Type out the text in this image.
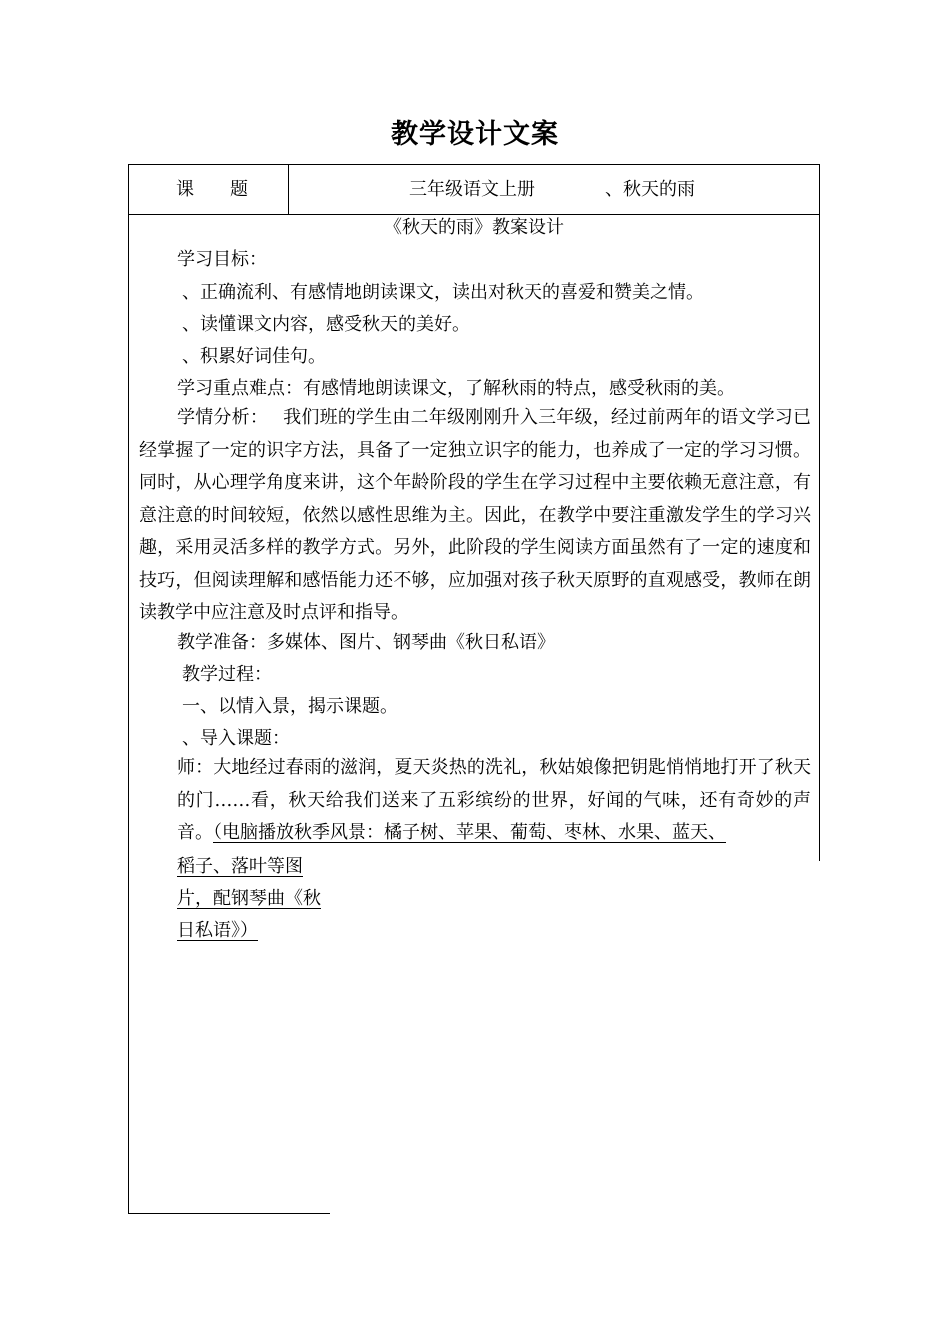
教学设计文案
课　　题	三年级语文上册	、秋天的雨
《秋天的雨》教案设计
学习目标：
、正确流利、有感情地朗读课文，读出对秋天的喜爱和赞美之情。
、读懂课文内容，感受秋天的美好。
、积累好词佳句。
学习重点难点：有感情地朗读课文，了解秋雨的特点，感受秋雨的美。

学情分析：　 我们班的学生由二年级刚刚升入三年级，经过前两年的语文学习已经掌握了一定的识字方法，具备了一定独立识字的能力，也养成了一定的学习习惯。同时，从心理学角度来讲，这个年龄阶段的学生在学习过程中主要依赖无意注意，有意注意的时间较短，依然以感性思维为主。因此，在教学中要注重激发学生的学习兴趣，采用灵活多样的教学方式。另外，此阶段的学生阅读方面虽然有了一定的速度和技巧，但阅读理解和感悟能力还不够，应加强对孩子秋天原野的直观感受，教师在朗读教学中应注意及时点评和指导。

教学准备：多媒体、图片、钢琴曲《秋日私语》
教学过程：
一、以情入景，揭示课题。
、导入课题：

师：大地经过春雨的滋润，夏天炎热的洗礼，秋姑娘像把钥匙悄悄地打开了秋天的门……看，秋天给我们送来了五彩缤纷的世界，好闻的气味，还有奇妙的声音。（电脑播放秋季风景：橘子树、苹果、葡萄、枣林、水果、蓝天、

稻子、落叶等图
片，配钢琴曲《秋
日私语》）
